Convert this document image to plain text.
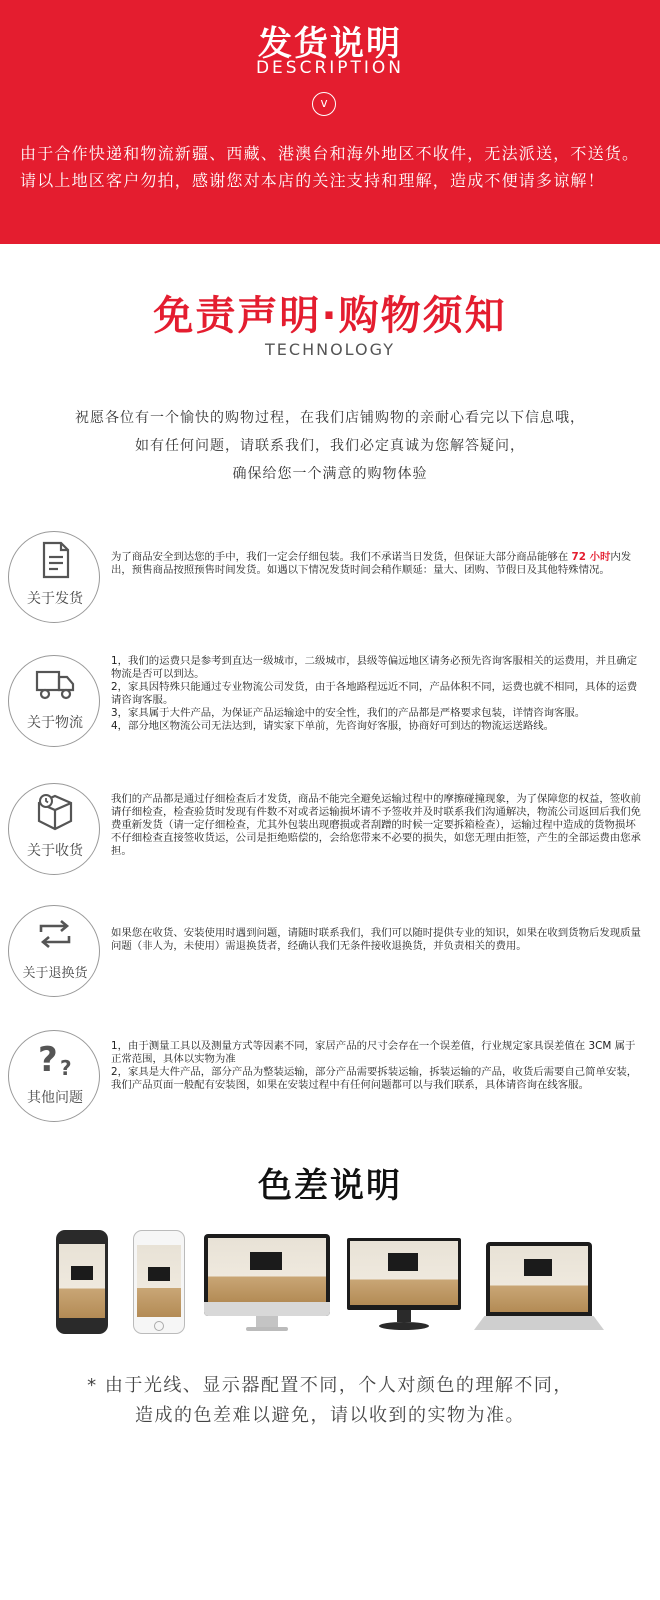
发货说明
DESCRIPTION
v
由于合作快递和物流新疆、西藏、港澳台和海外地区不收件，无法派送，不送货。请以上地区客户勿拍，感谢您对本店的关注支持和理解，造成不便请多谅解！
免责声明·购物须知
TECHNOLOGY
祝愿各位有一个愉快的购物过程，在我们店铺购物的亲耐心看完以下信息哦，
如有任何问题，请联系我们，我们必定真诚为您解答疑问，
确保给您一个满意的购物体验
关于发货

为了商品安全到达您的手中，我们一定会仔细包装。我们不承诺当日发货，但保证大部分商品能够在 72 小时内发出，预售商品按照预售时间发货。如遇以下情况发货时间会稍作顺延：量大、团购、节假日及其他特殊情况。

关于物流

1，我们的运费只是参考到直达一级城市，二级城市，县级等偏远地区请务必预先咨询客服相关的运费用，并且确定物流是否可以到达。

2，家具因特殊只能通过专业物流公司发货，由于各地路程远近不同，产品体积不同，运费也就不相同，具体的运费请咨询客服。

3，家具属于大件产品，为保证产品运输途中的安全性，我们的产品都是严格要求包装，详情咨询客服。

4，部分地区物流公司无法达到，请实家下单前，先咨询好客服，协商好可到达的物流运送路线。

关于收货

我们的产品都是通过仔细检查后才发货，商品不能完全避免运输过程中的摩擦碰撞现象，为了保障您的权益，签收前请仔细检查，检查验货时发现有件数不对或者运输损坏请不予签收并及时联系我们沟通解决，物流公司返回后我们免费重新发货（请一定仔细检查，尤其外包装出现磨损或者刮蹭的时候一定要拆箱检查），运输过程中造成的货物损坏不仔细检查直接签收货运，公司是拒绝赔偿的，会给您带来不必要的损失，如您无理由拒签，产生的全部运费由您承担。

关于退换货

如果您在收货、安装使用时遇到问题，请随时联系我们，我们可以随时提供专业的知识，如果在收到货物后发现质量问题（非人为，未使用）需退换货者，经确认我们无条件接收退换货，并负责相关的费用。

? ?
其他问题

1，由于测量工具以及测量方式等因素不同，家居产品的尺寸会存在一个误差值，行业规定家具误差值在 3CM 属于正常范围，具体以实物为准

2，家具是大件产品，部分产品为整装运输，部分产品需要拆装运输，拆装运输的产品，收货后需要自己简单安装，我们产品页面一般配有安装图，如果在安装过程中有任何问题都可以与我们联系，具体请咨询在线客服。

色差说明
* 由于光线、显示器配置不同，个人对颜色的理解不同，
造成的色差难以避免，请以收到的实物为准。
